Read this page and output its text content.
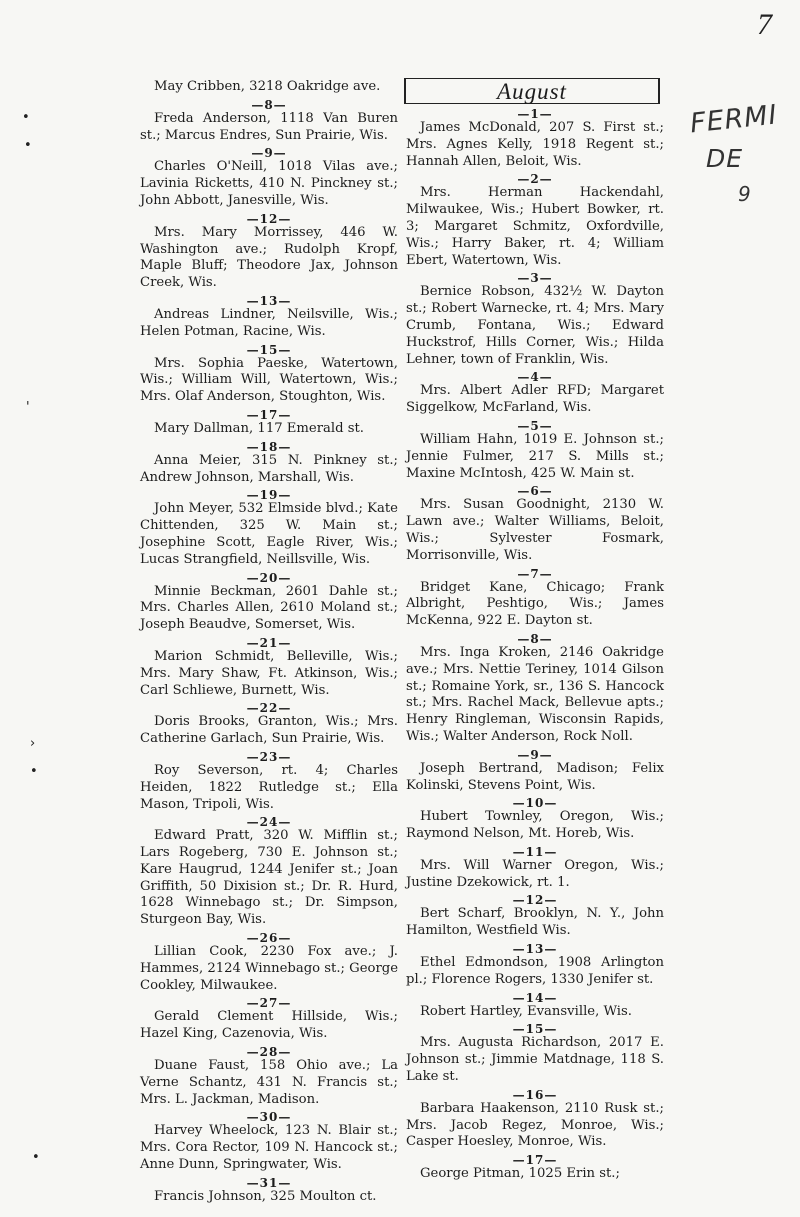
7
FERMI
DE
9
•
•
'
›
•
•
August

May Cribben, 3218 Oakridge ave.

—8—

Freda Anderson, 1118 Van Buren st.; Marcus Endres, Sun Prairie, Wis.

—9—

Charles O'Neill, 1018 Vilas ave.; Lavinia Ricketts, 410 N. Pinckney st.; John Abbott, Janesville, Wis.

—12—

Mrs. Mary Morrissey, 446 W. Washington ave.; Rudolph Kropf, Maple Bluff; Theodore Jax, Johnson Creek, Wis.

—13—

Andreas Lindner, Neilsville, Wis.; Helen Potman, Racine, Wis.

—15—

Mrs. Sophia Paeske, Watertown, Wis.; William Will, Watertown, Wis.; Mrs. Olaf Anderson, Stoughton, Wis.

—17—

Mary Dallman, 117 Emerald st.

—18—

Anna Meier, 315 N. Pinkney st.; Andrew Johnson, Marshall, Wis.

—19—

John Meyer, 532 Elmside blvd.; Kate Chittenden, 325 W. Main st.; Josephine Scott, Eagle River, Wis.; Lucas Strangfield, Neillsville, Wis.

—20—

Minnie Beckman, 2601 Dahle st.; Mrs. Charles Allen, 2610 Moland st.; Joseph Beaudve, Somerset, Wis.

—21—

Marion Schmidt, Belleville, Wis.; Mrs. Mary Shaw, Ft. Atkinson, Wis.; Carl Schliewe, Burnett, Wis.

—22—

Doris Brooks, Granton, Wis.; Mrs. Catherine Garlach, Sun Prairie, Wis.

—23—

Roy Severson, rt. 4; Charles Heiden, 1822 Rutledge st.; Ella Mason, Tripoli, Wis.

—24—

Edward Pratt, 320 W. Mifflin st.; Lars Rogeberg, 730 E. Johnson st.; Kare Haugrud, 1244 Jenifer st.; Joan Griffith, 50 Dixision st.; Dr. R. Hurd, 1628 Winnebago st.; Dr. Simpson, Sturgeon Bay, Wis.

—26—

Lillian Cook, 2230 Fox ave.; J. Hammes, 2124 Winnebago st.; George Cookley, Milwaukee.

—27—

Gerald Clement Hillside, Wis.; Hazel King, Cazenovia, Wis.

—28—

Duane Faust, 158 Ohio ave.; La Verne Schantz, 431 N. Francis st.; Mrs. L. Jackman, Madison.

—30—

Harvey Wheelock, 123 N. Blair st.; Mrs. Cora Rector, 109 N. Hancock st.; Anne Dunn, Springwater, Wis.

—31—

Francis Johnson, 325 Moulton ct.

—1—

James McDonald, 207 S. First st.; Mrs. Agnes Kelly, 1918 Regent st.; Hannah Allen, Beloit, Wis.

—2—

Mrs. Herman Hackendahl, Milwaukee, Wis.; Hubert Bowker, rt. 3; Margaret Schmitz, Oxfordville, Wis.; Harry Baker, rt. 4; William Ebert, Watertown, Wis.

—3—

Bernice Robson, 432½ W. Dayton st.; Robert Warnecke, rt. 4; Mrs. Mary Crumb, Fontana, Wis.; Edward Huckstrof, Hills Corner, Wis.; Hilda Lehner, town of Franklin, Wis.

—4—

Mrs. Albert Adler RFD; Margaret Siggelkow, McFarland, Wis.

—5—

William Hahn, 1019 E. Johnson st.; Jennie Fulmer, 217 S. Mills st.; Maxine McIntosh, 425 W. Main st.

—6—

Mrs. Susan Goodnight, 2130 W. Lawn ave.; Walter Williams, Beloit, Wis.; Sylvester Fosmark, Morrisonville, Wis.

—7—

Bridget Kane, Chicago; Frank Albright, Peshtigo, Wis.; James McKenna, 922 E. Dayton st.

—8—

Mrs. Inga Kroken, 2146 Oakridge ave.; Mrs. Nettie Teriney, 1014 Gilson st.; Romaine York, sr., 136 S. Hancock st.; Mrs. Rachel Mack, Bellevue apts.; Henry Ringleman, Wisconsin Rapids, Wis.; Walter Anderson, Rock Noll.

—9—

Joseph Bertrand, Madison; Felix Kolinski, Stevens Point, Wis.

—10—

Hubert Townley, Oregon, Wis.; Raymond Nelson, Mt. Horeb, Wis.

—11—

Mrs. Will Warner Oregon, Wis.; Justine Dzekowick, rt. 1.

—12—

Bert Scharf, Brooklyn, N. Y., John Hamilton, Westfield Wis.

—13—

Ethel Edmondson, 1908 Arlington pl.; Florence Rogers, 1330 Jenifer st.

—14—

Robert Hartley, Evansville, Wis.

—15—

Mrs. Augusta Richardson, 2017 E. Johnson st.; Jimmie Matdnage, 118 S. Lake st.

—16—

Barbara Haakenson, 2110 Rusk st.; Mrs. Jacob Regez, Monroe, Wis.; Casper Hoesley, Monroe, Wis.

—17—

George Pitman, 1025 Erin st.;
